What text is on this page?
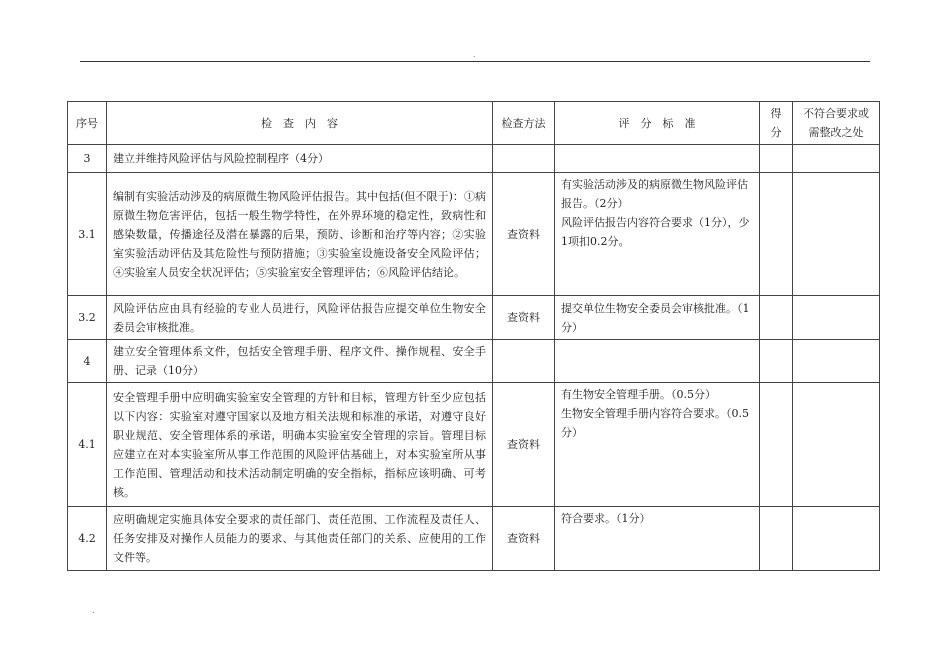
.
序号	检　查　内　容	检查方法	评　分　标　准	得分	不符合要求或需整改之处
3	建立并维持风险评估与风险控制程序（4分）				
3.1	编制有实验活动涉及的病原微生物风险评估报告。其中包括(但不限于)：①病原微生物危害评估，包括一般生物学特性，在外界环境的稳定性，致病性和感染数量，传播途径及潜在暴露的后果，预防、诊断和治疗等内容；②实验室实验活动评估及其危险性与预防措施；③实验室设施设备安全风险评估；④实验室人员安全状况评估；⑤实验室安全管理评估；⑥风险评估结论。	查资料	有实验活动涉及的病原微生物风险评估报告。（2分）
风险评估报告内容符合要求（1分），少1项扣0.2分。		
3.2	风险评估应由具有经验的专业人员进行，风险评估报告应提交单位生物安全委员会审核批准。	查资料	提交单位生物安全委员会审核批准。（1分）		
4	建立安全管理体系文件，包括安全管理手册、程序文件、操作规程、安全手册、记录（10分）				
4.1	安全管理手册中应明确实验室安全管理的方针和目标，管理方针至少应包括以下内容：实验室对遵守国家以及地方相关法规和标准的承诺，对遵守良好职业规范、安全管理体系的承诺，明确本实验室安全管理的宗旨。管理目标应建立在对本实验室所从事工作范围的风险评估基础上，对本实验室所从事工作范围、管理活动和技术活动制定明确的安全指标，指标应该明确、可考核。	查资料	有生物安全管理手册。（0.5分）
生物安全管理手册内容符合要求。（0.5分）		
4.2	应明确规定实施具体安全要求的责任部门、责任范围、工作流程及责任人、任务安排及对操作人员能力的要求、与其他责任部门的关系、应使用的工作文件等。	查资料	符合要求。（1分）		
.
